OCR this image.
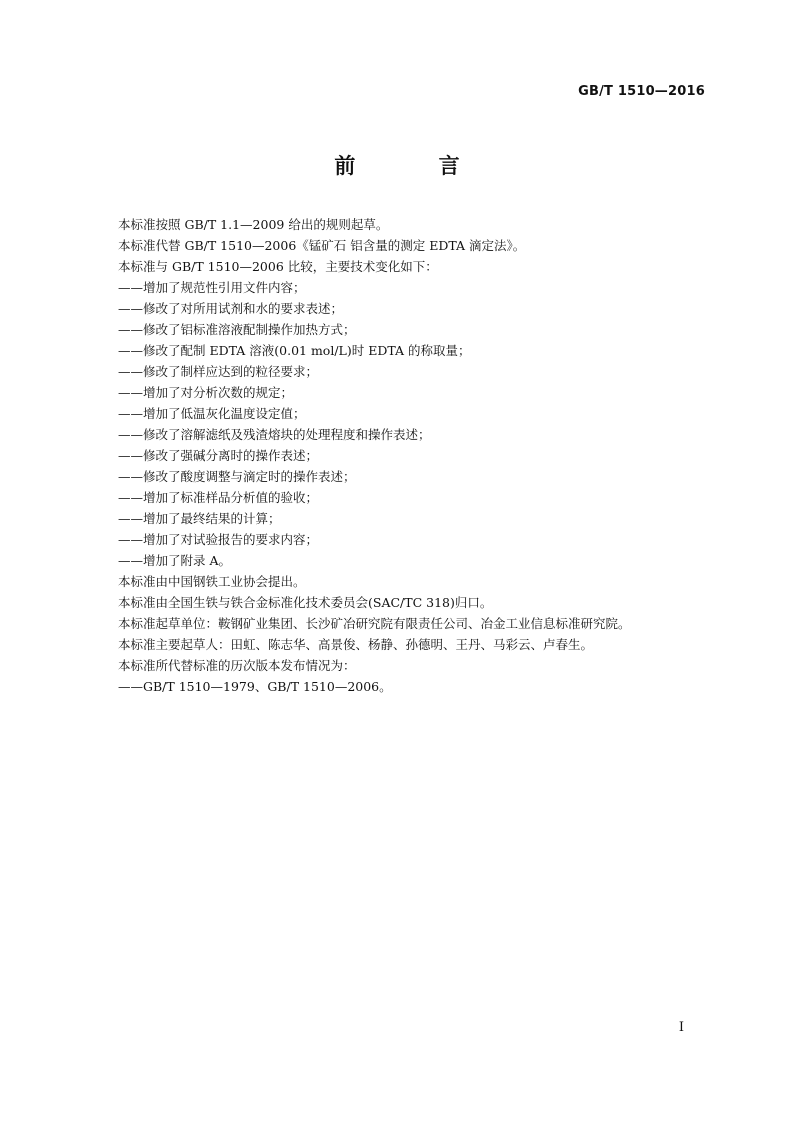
GB/T 1510—2016
前 言
本标准按照 GB/T 1.1—2009 给出的规则起草。
本标准代替 GB/T 1510—2006《锰矿石 铝含量的测定 EDTA 滴定法》。
本标准与 GB/T 1510—2006 比较，主要技术变化如下：
——增加了规范性引用文件内容；
——修改了对所用试剂和水的要求表述；
——修改了铝标准溶液配制操作加热方式；
——修改了配制 EDTA 溶液(0.01 mol/L)时 EDTA 的称取量；
——修改了制样应达到的粒径要求；
——增加了对分析次数的规定；
——增加了低温灰化温度设定值；
——修改了溶解滤纸及残渣熔块的处理程度和操作表述；
——修改了强碱分离时的操作表述；
——修改了酸度调整与滴定时的操作表述；
——增加了标准样品分析值的验收；
——增加了最终结果的计算；
——增加了对试验报告的要求内容；
——增加了附录 A。
本标准由中国钢铁工业协会提出。
本标准由全国生铁与铁合金标准化技术委员会(SAC/TC 318)归口。
本标准起草单位：鞍钢矿业集团、长沙矿冶研究院有限责任公司、冶金工业信息标准研究院。
本标准主要起草人：田虹、陈志华、高景俊、杨静、孙德明、王丹、马彩云、卢春生。
本标准所代替标准的历次版本发布情况为：
——GB/T 1510—1979、GB/T 1510—2006。
I
